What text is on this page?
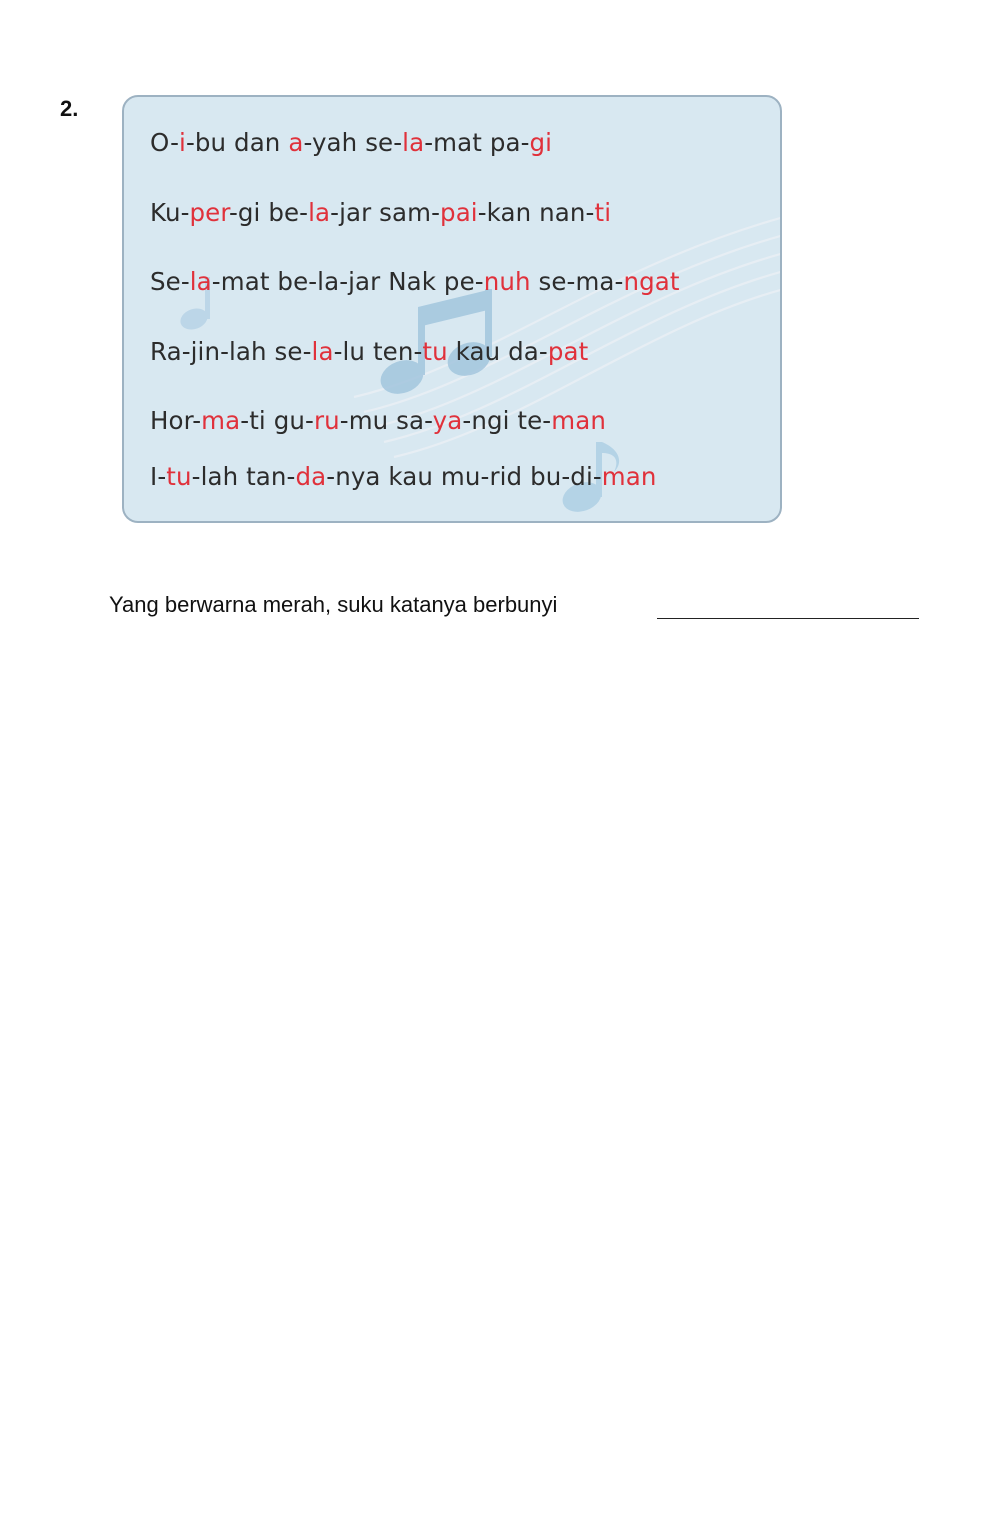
2.

O-i-bu dan a-yah se-la-mat pa-gi

Ku-per-gi be-la-jar sam-pai-kan nan-ti

Se-la-mat be-la-jar Nak pe-nuh se-ma-ngat

Ra-jin-lah se-la-lu ten-tu kau da-pat

Hor-ma-ti gu-ru-mu sa-ya-ngi te-man

I-tu-lah tan-da-nya kau mu-rid bu-di-man

Yang berwarna merah, suku katanya berbunyi
